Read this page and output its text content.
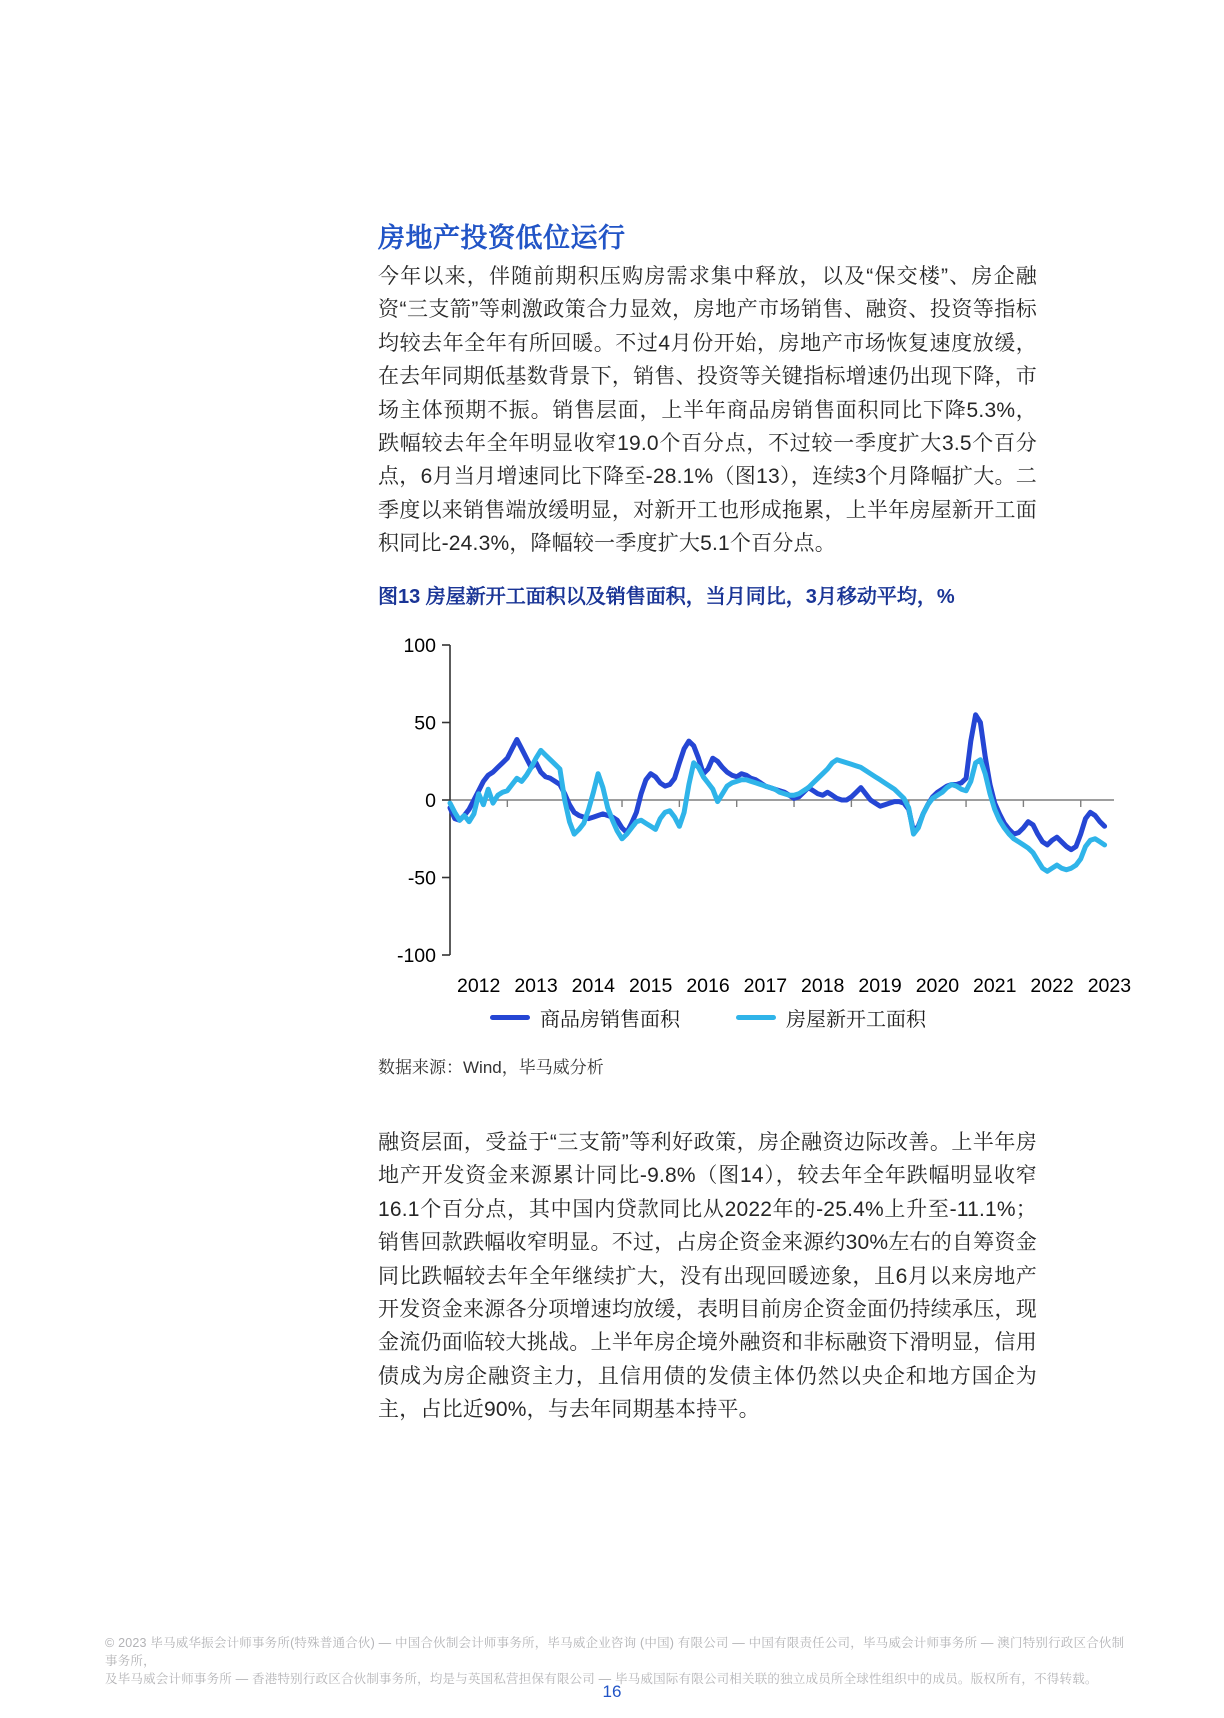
房地产投资低位运行

今年以来，伴随前期积压购房需求集中释放，以及“保交楼”、房企融资“三支箭”等刺激政策合力显效，房地产市场销售、融资、投资等指标均较去年全年有所回暖。不过4月份开始，房地产市场恢复速度放缓，在去年同期低基数背景下，销售、投资等关键指标增速仍出现下降，市场主体预期不振。销售层面，上半年商品房销售面积同比下降5.3%，跌幅较去年全年明显收窄19.0个百分点，不过较一季度扩大3.5个百分点，6月当月增速同比下降至-28.1%（图13），连续3个月降幅扩大。二季度以来销售端放缓明显，对新开工也形成拖累，上半年房屋新开工面积同比-24.3%，降幅较一季度扩大5.1个百分点。

图13 房屋新开工面积以及销售面积，当月同比，3月移动平均，%
2012 2013 2014 2015 2016 2017 2018 2019 2020 2021 2022 2023
100
50
0
-50
-100
商品房销售面积	房屋新开工面积
数据来源：Wind，毕马威分析

融资层面，受益于“三支箭”等利好政策，房企融资边际改善。上半年房地产开发资金来源累计同比-9.8%（图14），较去年全年跌幅明显收窄16.1个百分点，其中国内贷款同比从2022年的-25.4%上升至-11.1%；销售回款跌幅收窄明显。不过，占房企资金来源约30%左右的自筹资金同比跌幅较去年全年继续扩大，没有出现回暖迹象，且6月以来房地产开发资金来源各分项增速均放缓，表明目前房企资金面仍持续承压，现金流仍面临较大挑战。上半年房企境外融资和非标融资下滑明显，信用债成为房企融资主力，且信用债的发债主体仍然以央企和地方国企为主，占比近90%，与去年同期基本持平。

© 2023 毕马威华振会计师事务所(特殊普通合伙) — 中国合伙制会计师事务所，毕马威企业咨询 (中国) 有限公司 — 中国有限责任公司，毕马威会计师事务所 — 澳门特别行政区合伙制事务所，
及毕马威会计师事务所 — 香港特别行政区合伙制事务所，均是与英国私营担保有限公司 — 毕马威国际有限公司相关联的独立成员所全球性组织中的成员。版权所有，不得转载。
16
